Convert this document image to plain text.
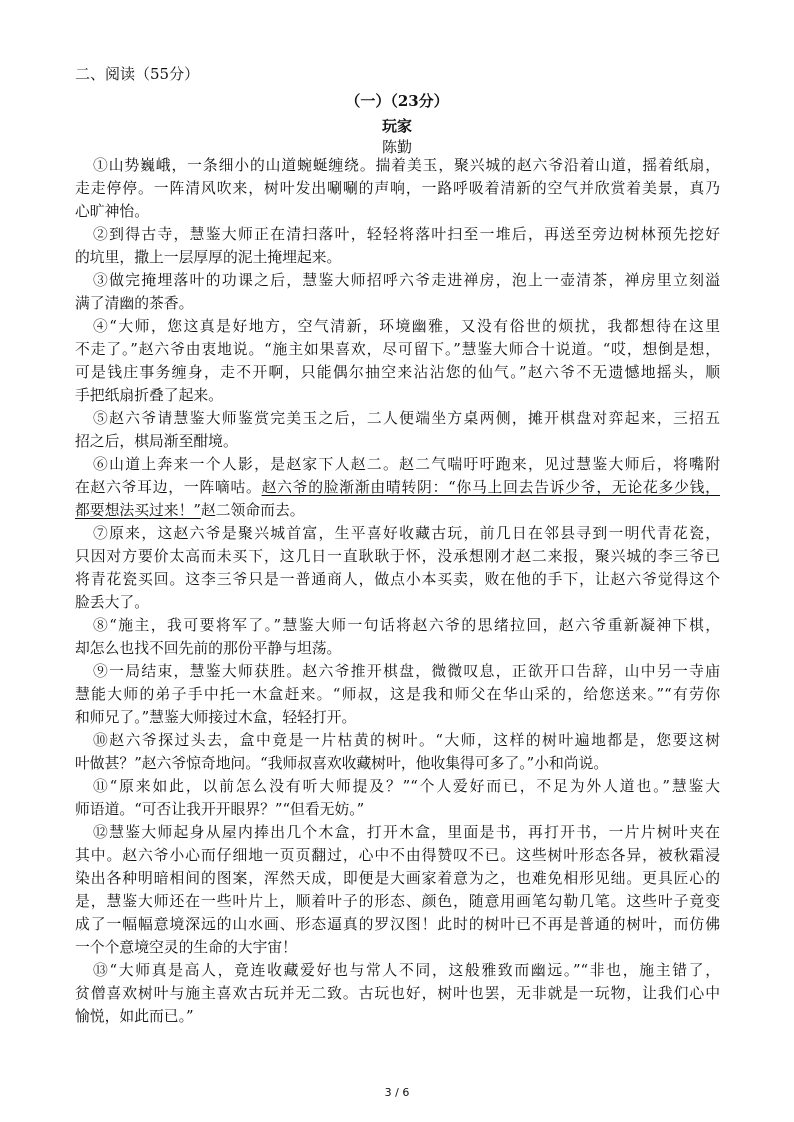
二、阅读（55分）
（一）（23分）
玩家
陈勤
①山势巍峨，一条细小的山道蜿蜒缠绕。揣着美玉，聚兴城的赵六爷沿着山道，摇着纸扇，
走走停停。一阵清风吹来，树叶发出唰唰的声响，一路呼吸着清新的空气并欣赏着美景，真乃
心旷神怡。
②到得古寺，慧鉴大师正在清扫落叶，轻轻将落叶扫至一堆后，再送至旁边树林预先挖好
的坑里，撒上一层厚厚的泥土掩埋起来。
③做完掩埋落叶的功课之后，慧鉴大师招呼六爷走进禅房，泡上一壶清茶，禅房里立刻溢
满了清幽的茶香。
④“大师，您这真是好地方，空气清新，环境幽雅，又没有俗世的烦扰，我都想待在这里
不走了。”赵六爷由衷地说。“施主如果喜欢，尽可留下。”慧鉴大师合十说道。“哎，想倒是想，
可是钱庄事务缠身，走不开啊，只能偶尔抽空来沾沾您的仙气。”赵六爷不无遗憾地摇头，顺
手把纸扇折叠了起来。
⑤赵六爷请慧鉴大师鉴赏完美玉之后，二人便端坐方桌两侧，摊开棋盘对弈起来，三招五
招之后，棋局渐至酣境。
⑥山道上奔来一个人影，是赵家下人赵二。赵二气喘吁吁跑来，见过慧鉴大师后，将嘴附
在赵六爷耳边，一阵嘀咕。赵六爷的脸渐渐由晴转阴：“你马上回去告诉少爷，无论花多少钱，
都要想法买过来！”赵二领命而去。
⑦原来，这赵六爷是聚兴城首富，生平喜好收藏古玩，前几日在邻县寻到一明代青花瓷，
只因对方要价太高而未买下，这几日一直耿耿于怀，没承想刚才赵二来报，聚兴城的李三爷已
将青花瓷买回。这李三爷只是一普通商人，做点小本买卖，败在他的手下，让赵六爷觉得这个
脸丢大了。
⑧“施主，我可要将军了。”慧鉴大师一句话将赵六爷的思绪拉回，赵六爷重新凝神下棋，
却怎么也找不回先前的那份平静与坦荡。
⑨一局结束，慧鉴大师获胜。赵六爷推开棋盘，微微叹息，正欲开口告辞，山中另一寺庙
慧能大师的弟子手中托一木盒赶来。“师叔，这是我和师父在华山采的，给您送来。”“有劳你
和师兄了。”慧鉴大师接过木盒，轻轻打开。
⑩赵六爷探过头去，盒中竟是一片枯黄的树叶。“大师，这样的树叶遍地都是，您要这树
叶做甚？”赵六爷惊奇地问。“我师叔喜欢收藏树叶，他收集得可多了。”小和尚说。
⑪“原来如此，以前怎么没有听大师提及？”“个人爱好而已，不足为外人道也。”慧鉴大
师语道。“可否让我开开眼界？”“但看无妨。”
⑫慧鉴大师起身从屋内捧出几个木盒，打开木盒，里面是书，再打开书，一片片树叶夹在
其中。赵六爷小心而仔细地一页页翻过，心中不由得赞叹不已。这些树叶形态各异，被秋霜浸
染出各种明暗相间的图案，浑然天成，即便是大画家着意为之，也难免相形见绌。更具匠心的
是，慧鉴大师还在一些叶片上，顺着叶子的形态、颜色，随意用画笔勾勒几笔。这些叶子竟变
成了一幅幅意境深远的山水画、形态逼真的罗汉图！此时的树叶已不再是普通的树叶，而仿佛
一个个意境空灵的生命的大宇宙！
⑬“大师真是高人，竟连收藏爱好也与常人不同，这般雅致而幽远。”“非也，施主错了，
贫僧喜欢树叶与施主喜欢古玩并无二致。古玩也好，树叶也罢，无非就是一玩物，让我们心中
愉悦，如此而已。”
3 / 6
